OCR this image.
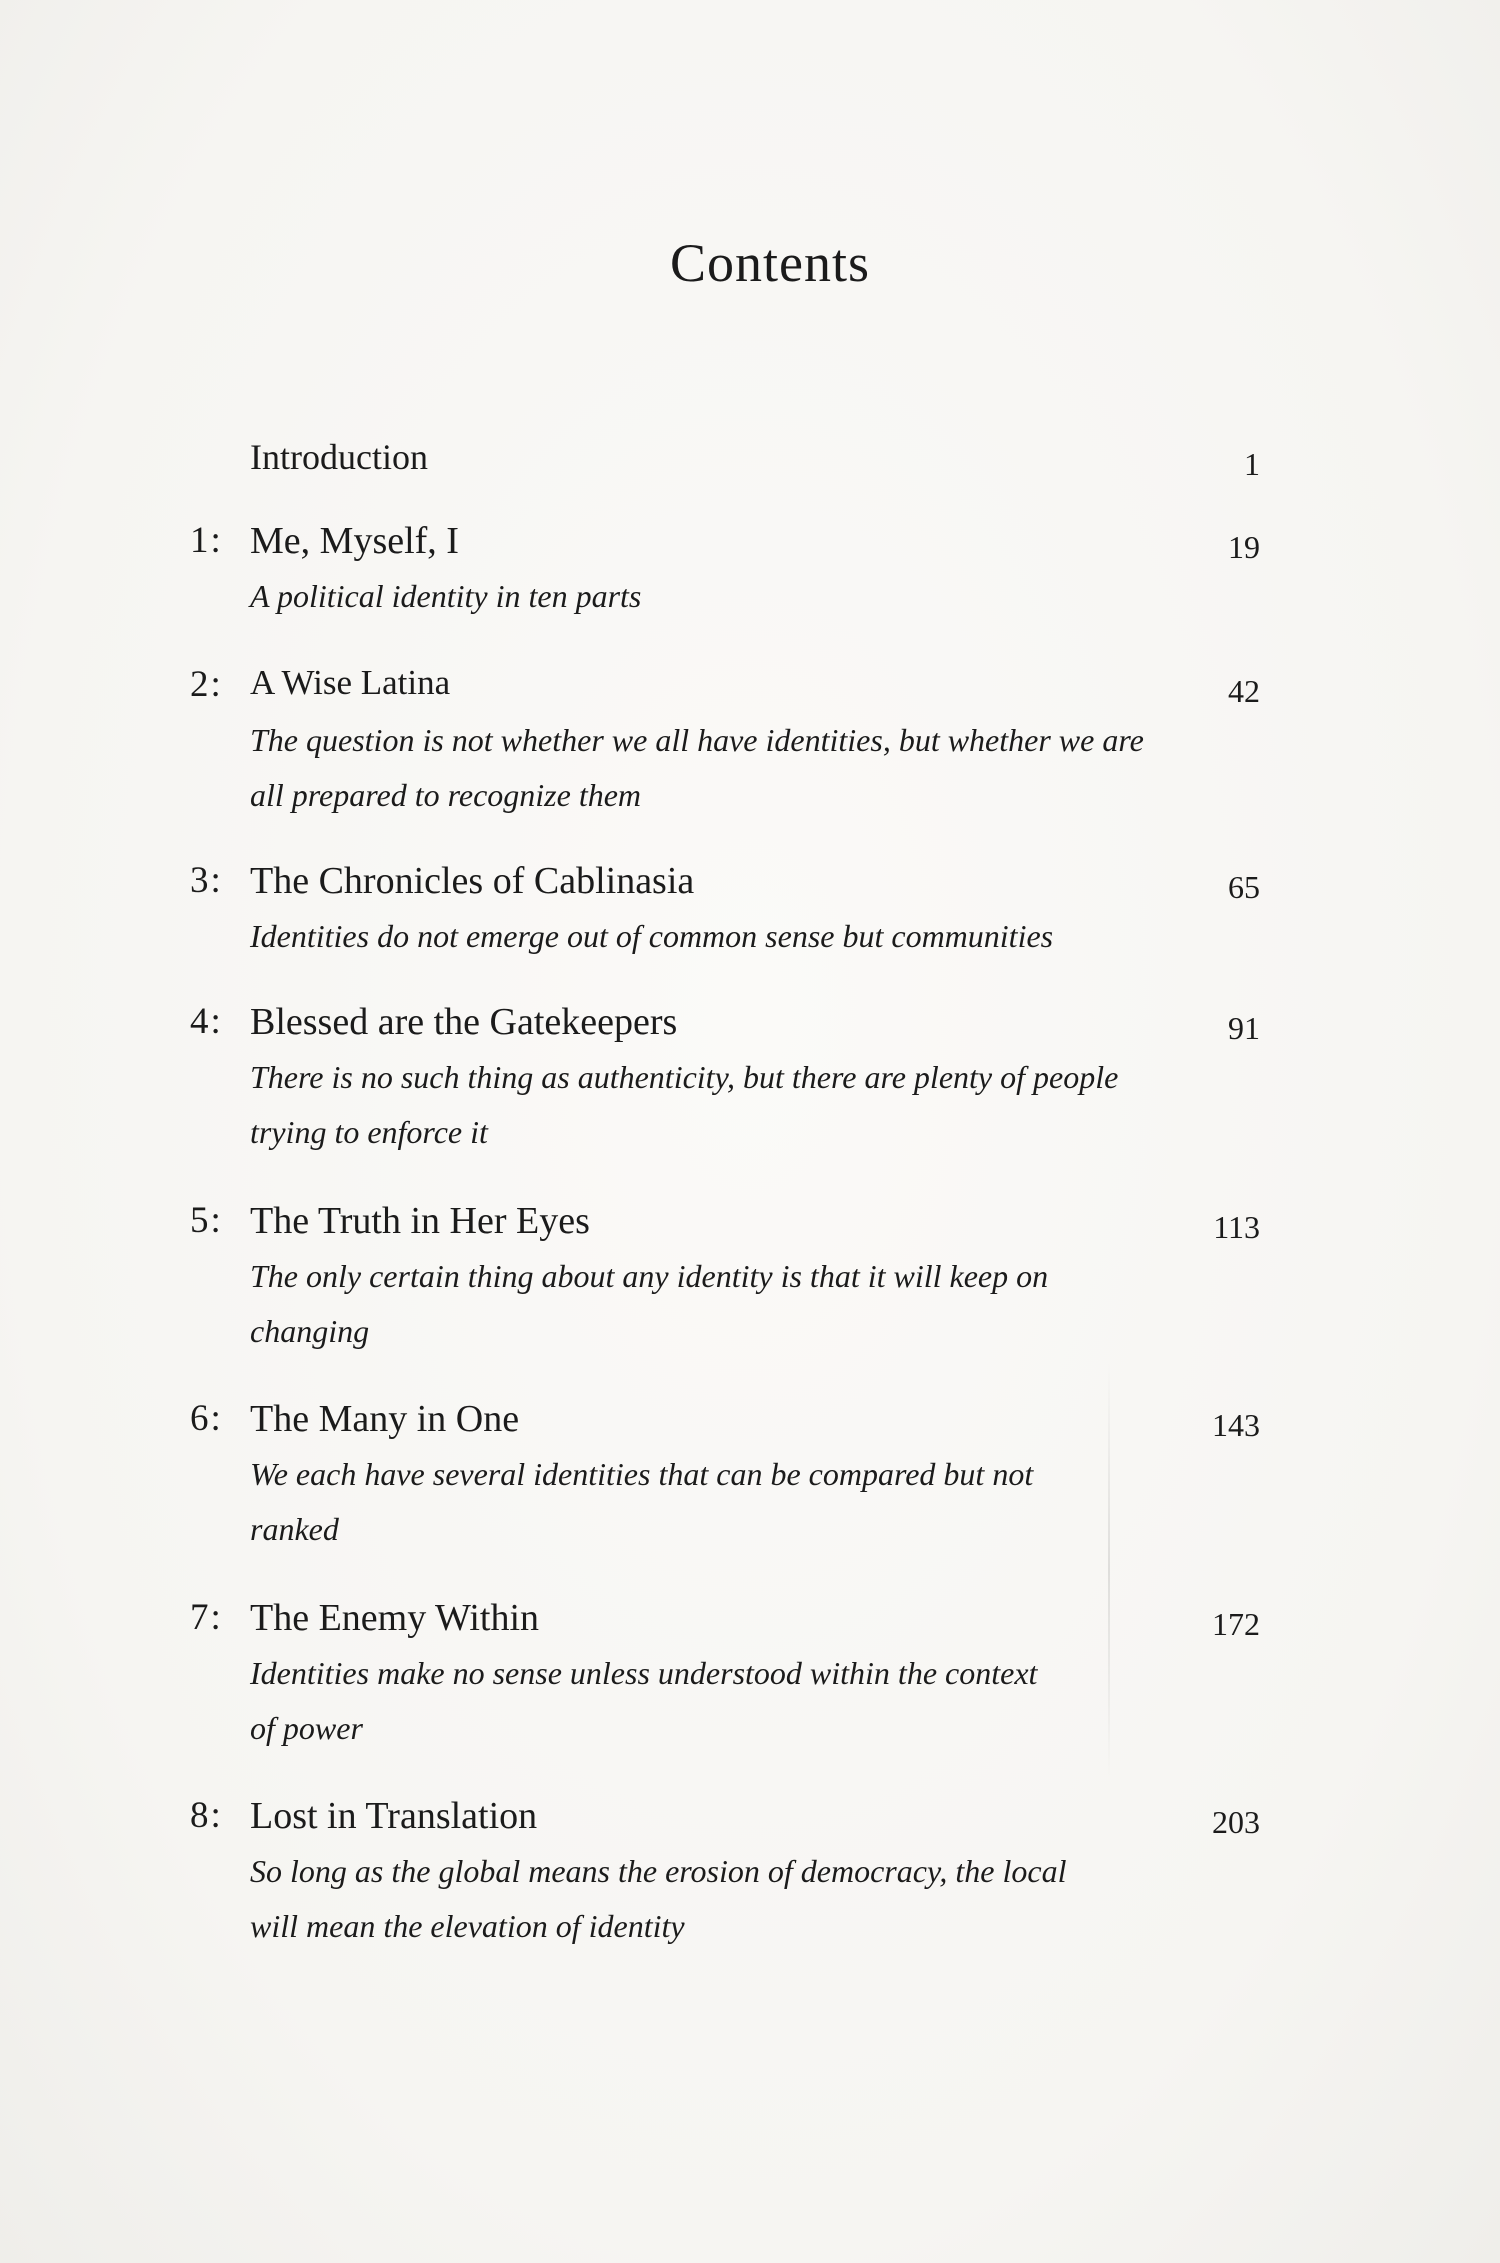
Contents
Introduction	1
1: Me, Myself, I	19
A political identity in ten parts
2: A Wise Latina	42
The question is not whether we all have identities, but whether we are all prepared to recognize them
3: The Chronicles of Cablinasia	65
Identities do not emerge out of common sense but communities
4: Blessed are the Gatekeepers	91
There is no such thing as authenticity, but there are plenty of people trying to enforce it
5: The Truth in Her Eyes	113
The only certain thing about any identity is that it will keep on changing
6: The Many in One	143
We each have several identities that can be compared but not ranked
7: The Enemy Within	172
Identities make no sense unless understood within the context of power
8: Lost in Translation	203
So long as the global means the erosion of democracy, the local will mean the elevation of identity
